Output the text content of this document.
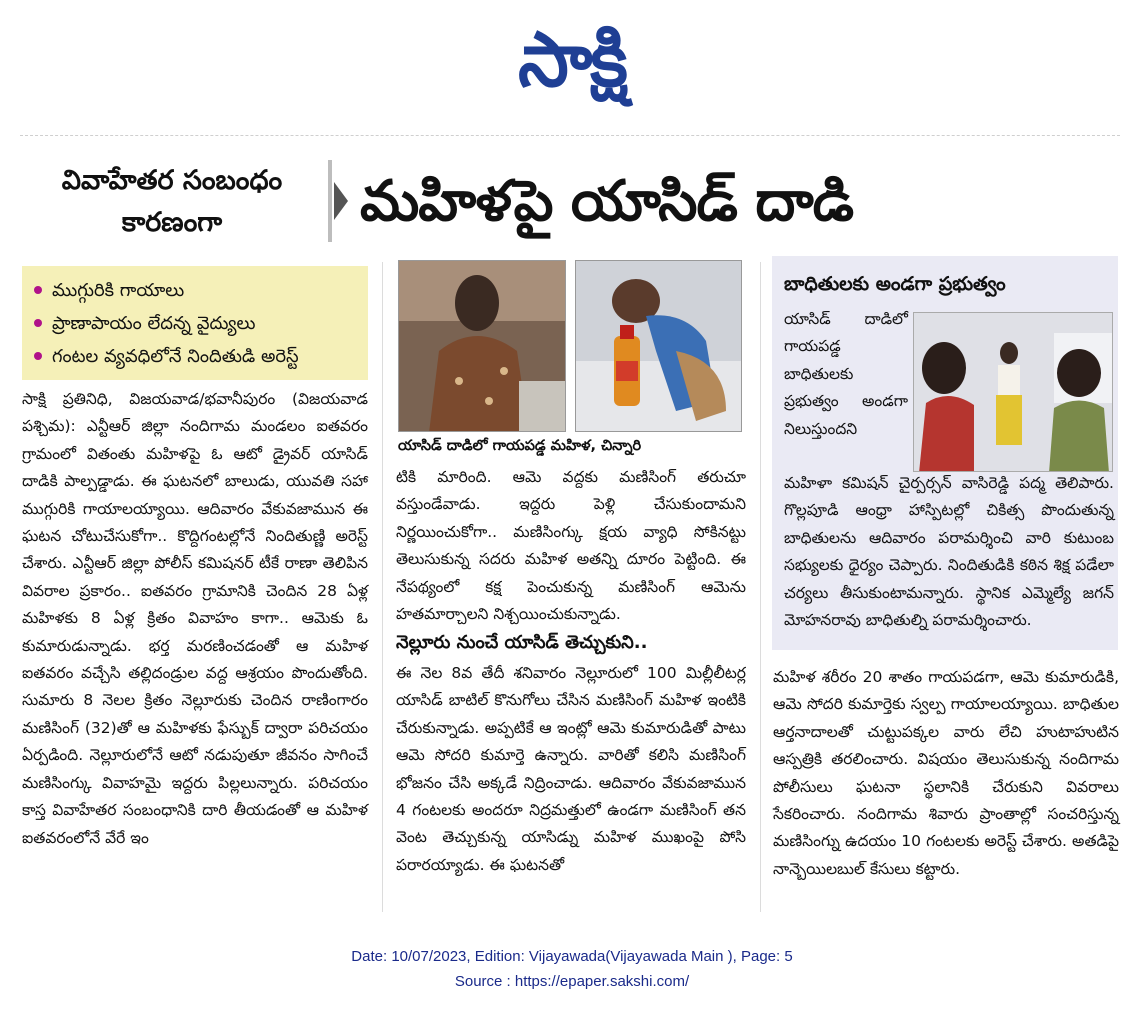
సాక్షి
వివాహేతర సంబంధం
కారణంగా	మహిళపై యాసిడ్ దాడి
ముగ్గురికి గాయాలు
ప్రాణాపాయం లేదన్న వైద్యులు
గంటల వ్యవధిలోనే నిందితుడి అరెస్ట్

సాక్షి ప్రతినిధి, విజయవాడ/భవానీపురం (విజయవాడ పశ్చిమ): ఎన్టీఆర్ జిల్లా నందిగామ మండలం ఐతవరం గ్రామంలో వితంతు మహిళపై ఓ ఆటో డ్రైవర్ యాసిడ్ దాడికి పాల్పడ్డాడు. ఈ ఘటనలో బాలుడు, యువతి సహా ముగ్గురికి గాయాలయ్యాయి. ఆదివారం వేకువజామున ఈ ఘటన చోటుచేసుకోగా.. కొద్దిగంటల్లోనే నిందితుణ్ణి అరెస్ట్ చేశారు. ఎన్టీఆర్ జిల్లా పోలీస్ కమిషనర్ టీకే రాణా తెలిపిన వివరాల ప్రకారం.. ఐతవరం గ్రామానికి చెందిన 28 ఏళ్ల మహిళకు 8 ఏళ్ల క్రితం వివాహం కాగా.. ఆమెకు ఓ కుమారుడున్నాడు. భర్త మరణించడంతో ఆ మహిళ ఐతవరం వచ్చేసి తల్లిదండ్రుల వద్ద ఆశ్రయం పొందుతోంది. సుమారు 8 నెలల క్రితం నెల్లూరుకు చెందిన రాణింగారం మణిసింగ్ (32)తో ఆ మహిళకు ఫేస్బుక్ ద్వారా పరిచయం ఏర్పడింది. నెల్లూరులోనే ఆటో నడుపుతూ జీవనం సాగించే మణిసింగ్కు వివాహమై ఇద్దరు పిల్లలున్నారు. పరిచయం కాస్త వివాహేతర సంబంధానికి దారి తీయడంతో ఆ మహిళ ఐతవరంలోనే వేరే ఇం

యాసిడ్ దాడిలో గాయపడ్డ మహిళ, చిన్నారి

టికి మారింది. ఆమె వద్దకు మణిసింగ్ తరుచూ వస్తుండేవాడు. ఇద్దరు పెళ్లి చేసుకుందామని నిర్ణయించుకోగా.. మణిసింగ్కు క్షయ వ్యాధి సోకినట్టు తెలుసుకున్న సదరు మహిళ అతన్ని దూరం పెట్టింది. ఈ నేపథ్యంలో కక్ష పెంచుకున్న మణిసింగ్ ఆమెను హతమార్చాలని నిశ్చయించుకున్నాడు.

నెల్లూరు నుంచే యాసిడ్ తెచ్చుకుని..

ఈ నెల 8వ తేదీ శనివారం నెల్లూరులో 100 మిల్లీలీటర్ల యాసిడ్ బాటిల్ కొనుగోలు చేసిన మణిసింగ్ మహిళ ఇంటికి చేరుకున్నాడు. అప్పటికే ఆ ఇంట్లో ఆమె కుమారుడితో పాటు ఆమె సోదరి కుమార్తె ఉన్నారు. వారితో కలిసి మణిసింగ్ భోజనం చేసి అక్కడే నిద్రించాడు. ఆదివారం వేకువజామున 4 గంటలకు అందరూ నిద్రమత్తులో ఉండగా మణిసింగ్ తన వెంట తెచ్చుకున్న యాసిడ్ను మహిళ ముఖంపై పోసి పరారయ్యాడు. ఈ ఘటనతో

బాధితులకు అండగా ప్రభుత్వం
యాసిడ్ దాడిలో గాయపడ్డ బాధితులకు ప్రభుత్వం అండగా నిలుస్తుందని
మహిళా కమిషన్ చైర్పర్సన్ వాసిరెడ్డి పద్మ తెలిపారు. గొల్లపూడి ఆంధ్రా హాస్పిటల్లో చికిత్స పొందుతున్న బాధితులను ఆదివారం పరామర్శించి వారి కుటుంబ సభ్యులకు ధైర్యం చెప్పారు. నిందితుడికి కఠిన శిక్ష పడేలా చర్యలు తీసుకుంటామన్నారు. స్థానిక ఎమ్మెల్యే జగన్ మోహనరావు బాధితుల్ని పరామర్శించారు.

మహిళ శరీరం 20 శాతం గాయపడగా, ఆమె కుమారుడికి, ఆమె సోదరి కుమార్తెకు స్వల్ప గాయాలయ్యాయి. బాధితుల ఆర్తనాదాలతో చుట్టుపక్కల వారు లేచి హుటాహుటిన ఆస్పత్రికి తరలించారు. విషయం తెలుసుకున్న నందిగామ పోలీసులు ఘటనా స్థలానికి చేరుకుని వివరాలు సేకరించారు. నందిగామ శివారు ప్రాంతాల్లో సంచరిస్తున్న మణిసింగ్ను ఉదయం 10 గంటలకు అరెస్ట్ చేశారు. అతడిపై నాన్బెయిలబుల్ కేసులు కట్టారు.

Date: 10/07/2023, Edition: Vijayawada(Vijayawada Main ), Page: 5
Source : https://epaper.sakshi.com/
